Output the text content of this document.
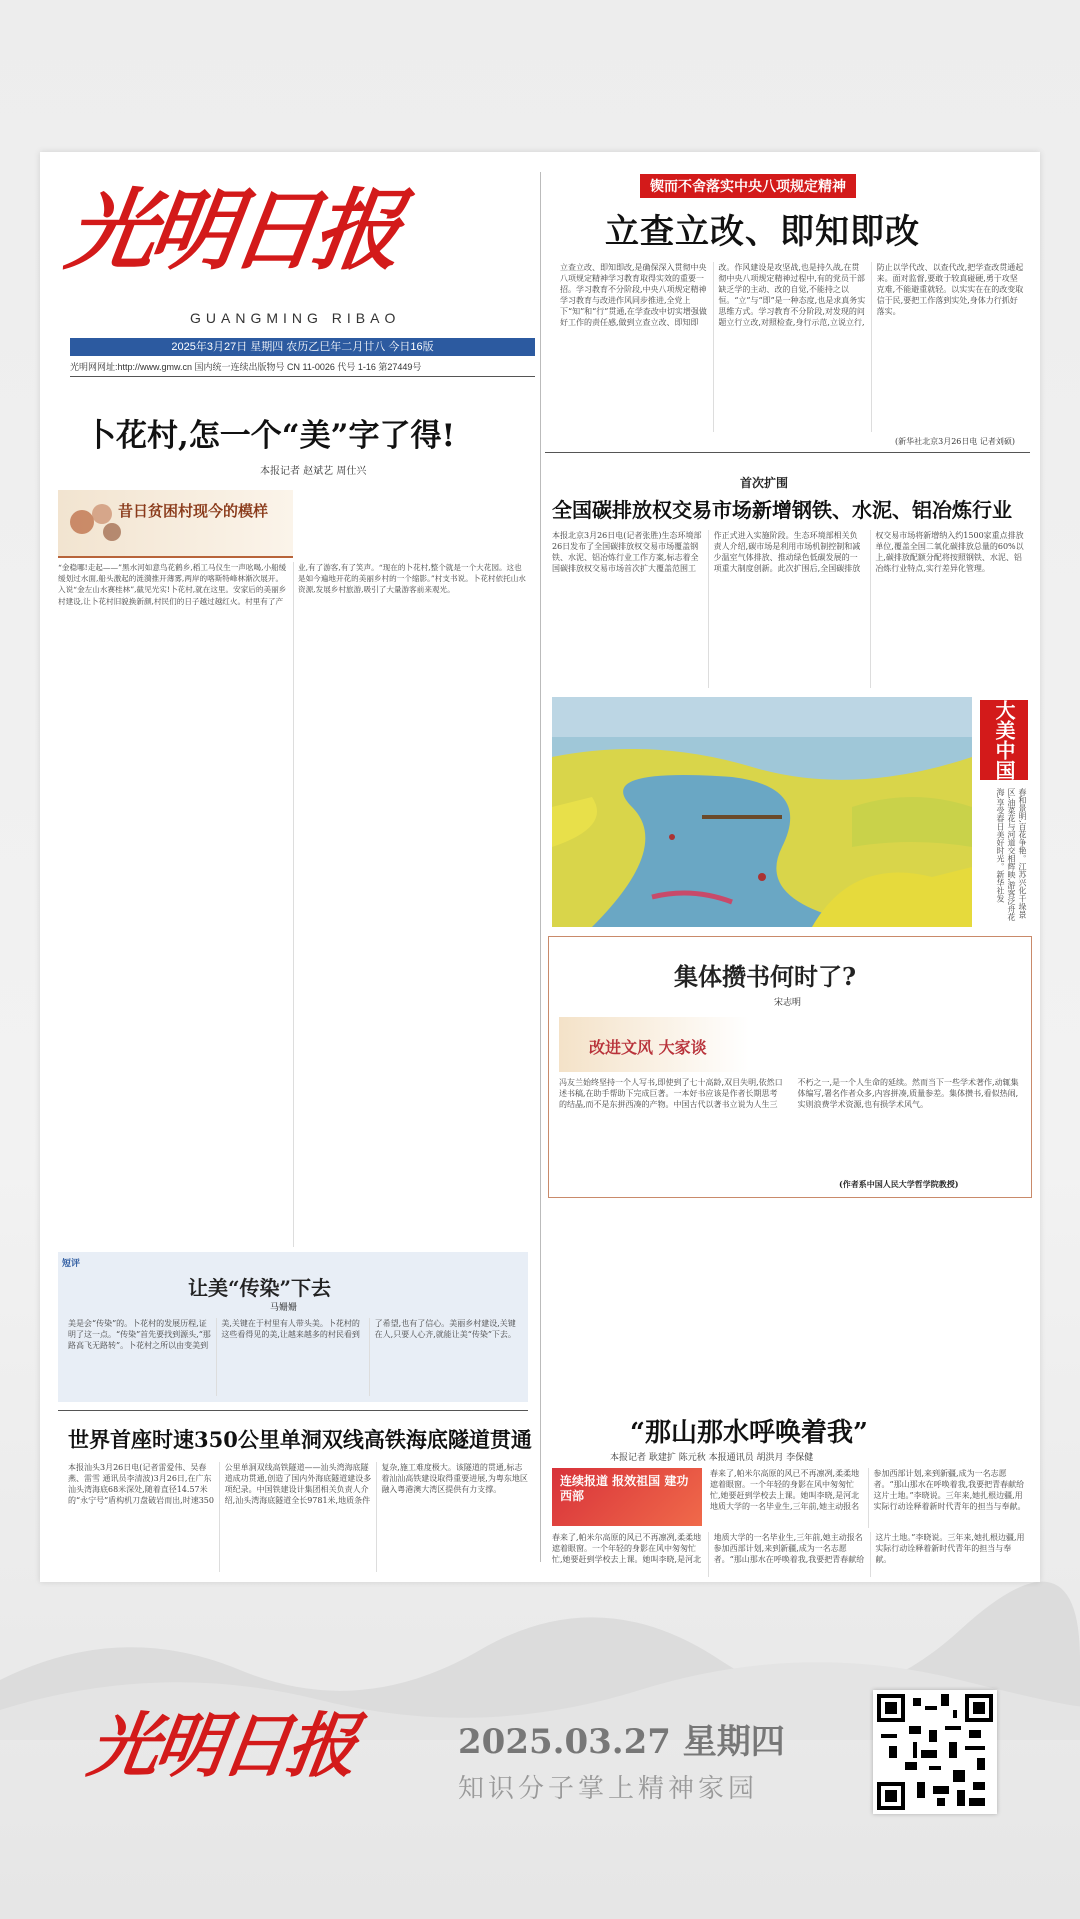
光明日报
GUANGMING RIBAO
2025年3月27日 星期四 农历乙巳年二月廿八 今日16版
光明网网址:http://www.gmw.cn 国内统一连续出版物号 CN 11-0026 代号 1-16 第27449号
锲而不舍落实中央八项规定精神
立查立改、即知即改
立查立改、即知即改,是确保深入贯彻中央八项规定精神学习教育取得实效的重要一招。学习教育不分阶段,中央八项规定精神学习教育与改进作风同步推进,全党上下“知”和“行”贯通,在学查改中切实增强做好工作的责任感,做到立查立改、即知即改。作风建设是攻坚战,也是持久战,在贯彻中央八项规定精神过程中,有的党员干部缺乏学的主动、改的自觉,不能持之以恒。“立”与“即”是一种态度,也是求真务实思维方式。学习教育不分阶段,对发现的问题立行立改,对照检查,身行示范,立说立行,防止以学代改、以查代改,把学查改贯通起来。面对监督,要敢于较真碰硬,勇于攻坚克难,不能避重就轻。以实实在在的改变取信于民,要把工作落到实处,身体力行抓好落实。
(新华社北京3月26日电 记者刘硕)
卜花村,怎一个“美”字了得!
本报记者 赵斌艺 周仕兴
昔日贫困村现今的模样
“金稳哪!走起——”黑水河如意鸟花鹤乡,稻工马仪生一声吆喝,小船缓缓划过水面,船头激起的涟漪推开薄雾,两岸的喀斯特峰林渐次展开。入说“金左山水赛桂林”,截见光实!卜花村,就在这里。安家后的美丽乡村建设,让卜花村旧貌换新颜,村民们的日子越过越红火。村里有了产业,有了游客,有了笑声。“现在的卜花村,整个就是一个大花园。这也是如今遍地开花的美丽乡村的一个缩影。”村支书说。卜花村依托山水资源,发展乡村旅游,吸引了大量游客前来观光。
短评
让美“传染”下去
马姗姗
美是会“传染”的。卜花村的发展历程,证明了这一点。“传染”首先要找到源头,“那路高飞无路转”。卜花村之所以由变美到美,关键在于村里有人带头美。卜花村的这些看得见的美,让越来越多的村民看到了希望,也有了信心。美丽乡村建设,关键在人,只要人心齐,就能让美“传染”下去。
首次扩围
全国碳排放权交易市场新增钢铁、水泥、铝冶炼行业
本报北京3月26日电(记者张胜)生态环境部26日发布了全国碳排放权交易市场覆盖钢铁、水泥、铝冶炼行业工作方案,标志着全国碳排放权交易市场首次扩大覆盖范围工作正式进入实施阶段。生态环境部相关负责人介绍,碳市场是利用市场机制控制和减少温室气体排放、推动绿色低碳发展的一项重大制度创新。此次扩围后,全国碳排放权交易市场将新增纳入约1500家重点排放单位,覆盖全国二氧化碳排放总量的60%以上,碳排放配额分配将按照钢铁、水泥、铝冶炼行业特点,实行差异化管理。
大美中国
春和景明,百花争艳。江苏兴化千垛景区,油菜花与河道交相辉映,游客泛舟花海,享受春日美好时光。新华社发
集体攒书何时了?
宋志明
改进文风 大家谈
冯友兰始终坚持一个人写书,即使到了七十高龄,双目失明,依然口述书稿,在助手帮助下完成巨著。一本好书应该是作者长期思考的结晶,而不是东拼西凑的产物。中国古代以著书立说为人生三不朽之一,是一个人生命的延续。然而当下一些学术著作,动辄集体编写,署名作者众多,内容拼凑,质量参差。集体攒书,看似热闹,实则浪费学术资源,也有损学术风气。
(作者系中国人民大学哲学院教授)
世界首座时速350公里单洞双线高铁海底隧道贯通
本报汕头3月26日电(记者雷爱伟、吴春燕、雷雪 通讯员李清波)3月26日,在广东汕头湾海底68米深处,随着直径14.57米的“永宁号”盾构机刀盘破岩而出,时速350公里单洞双线高铁隧道——汕头湾海底隧道成功贯通,创造了国内外海底隧道建设多项纪录。中国铁建设计集团相关负责人介绍,汕头湾海底隧道全长9781米,地质条件复杂,施工难度极大。该隧道的贯通,标志着汕汕高铁建设取得重要进展,为粤东地区融入粤港澳大湾区提供有力支撑。
“那山那水呼唤着我”
本报记者 耿建扩 陈元秋 本报通讯员 胡洪月 李保健
连续报道 报效祖国 建功西部
春来了,帕米尔高原的风已不再凛冽,柔柔地遮着眼窗。一个年轻的身影在风中匆匆忙忙,她要赶到学校去上课。她叫李晓,是河北地质大学的一名毕业生,三年前,她主动报名参加西部计划,来到新疆,成为一名志愿者。“那山那水在呼唤着我,我要把青春献给这片土地。”李晓说。三年来,她扎根边疆,用实际行动诠释着新时代青年的担当与奉献。
春来了,帕米尔高原的风已不再凛冽,柔柔地遮着眼窗。一个年轻的身影在风中匆匆忙忙,她要赶到学校去上课。她叫李晓,是河北地质大学的一名毕业生,三年前,她主动报名参加西部计划,来到新疆,成为一名志愿者。“那山那水在呼唤着我,我要把青春献给这片土地。”李晓说。三年来,她扎根边疆,用实际行动诠释着新时代青年的担当与奉献。
光明日报	2025.03.27 星期四
知识分子掌上精神家园
